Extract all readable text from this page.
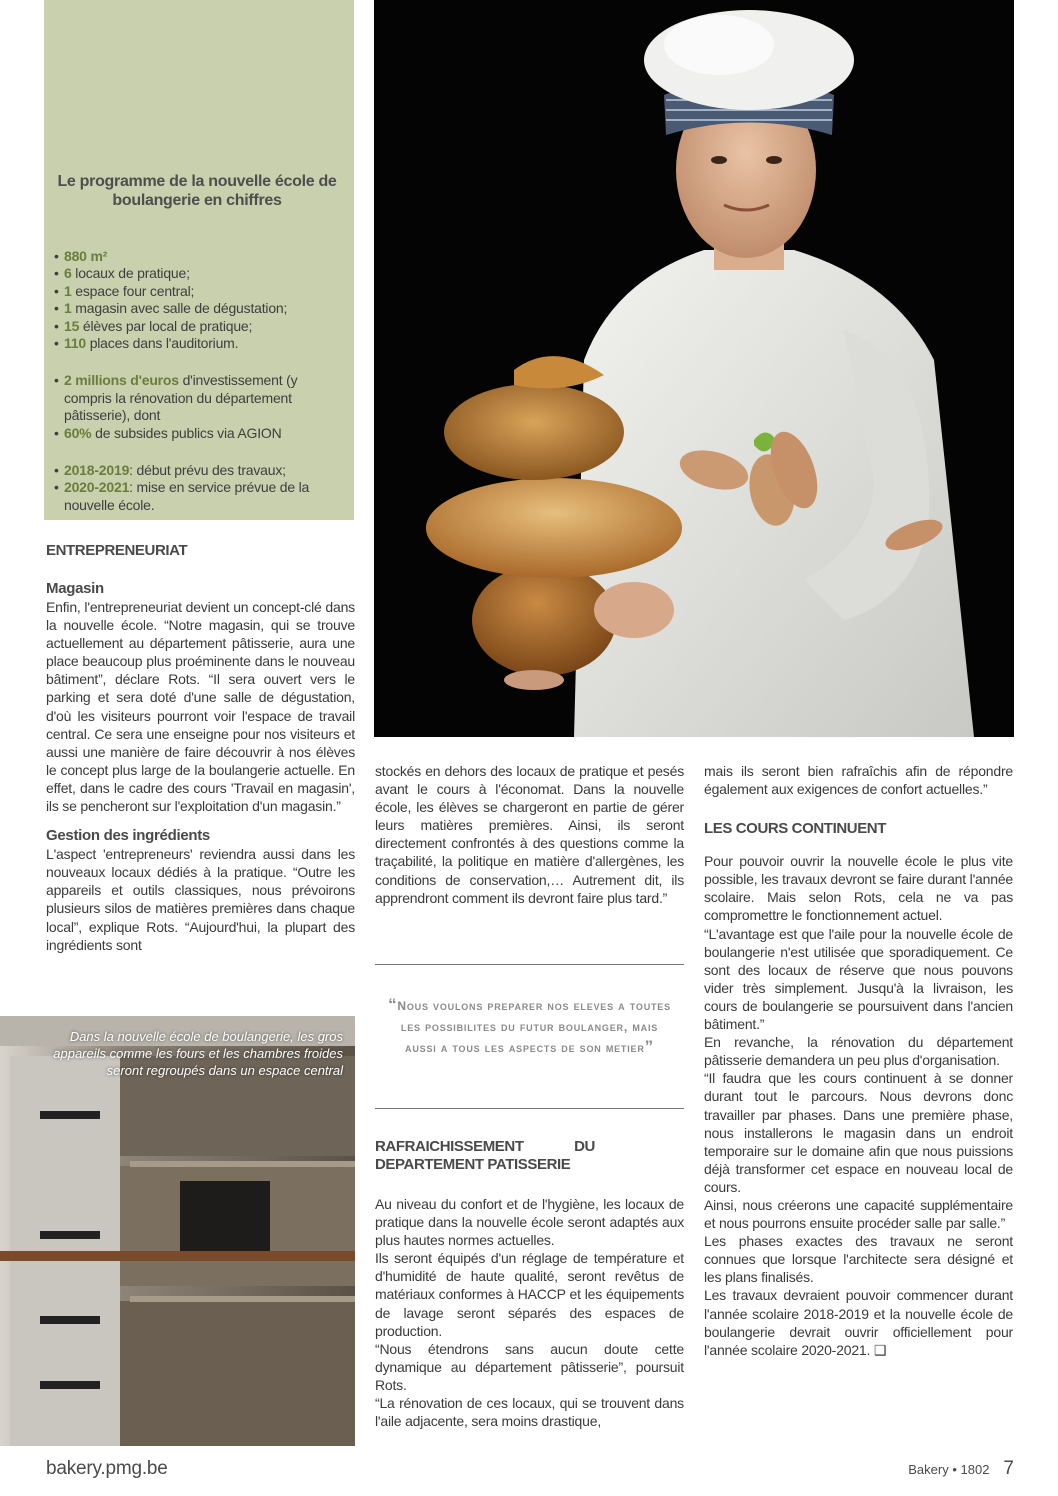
Le programme de la nouvelle école de boulangerie en chiffres
• 880 m²
• 6 locaux de pratique;
• 1 espace four central;
• 1 magasin avec salle de dégustation;
• 15 élèves par local de pratique;
• 110 places dans l'auditorium.
• 2 millions d'euros d'investissement (y compris la rénovation du département pâtisserie), dont
• 60% de subsides publics via AGION
• 2018-2019: début prévu des travaux;
• 2020-2021: mise en service prévue de la nouvelle école.
ENTREPRENEURIAT
Magasin

Enfin, l'entrepreneuriat devient un concept-clé dans la nouvelle école. “Notre magasin, qui se trouve actuellement au département pâtisserie, aura une place beaucoup plus proéminente dans le nouveau bâtiment”, déclare Rots. “Il sera ouvert vers le parking et sera doté d'une salle de dégustation, d'où les visiteurs pourront voir l'espace de travail central. Ce sera une enseigne pour nos visiteurs et aussi une manière de faire découvrir à nos élèves le concept plus large de la boulangerie actuelle. En effet, dans le cadre des cours 'Travail en magasin', ils se pencheront sur l'exploitation d'un magasin.”

Gestion des ingrédients

L'aspect 'entrepreneurs' reviendra aussi dans les nouveaux locaux dédiés à la pratique. “Outre les appareils et outils classiques, nous prévoirons plusieurs silos de matières premières dans chaque local”, explique Rots. “Aujourd'hui, la plupart des ingrédients sont

Dans la nouvelle école de boulangerie, les gros appareils comme les fours et les chambres froides seront regroupés dans un espace central

stockés en dehors des locaux de pratique et pesés avant le cours à l'économat. Dans la nouvelle école, les élèves se chargeront en partie de gérer leurs matières premières. Ainsi, ils seront directement confrontés à des questions comme la traçabilité, la politique en matière d'allergènes, les conditions de conservation,… Autrement dit, ils apprendront comment ils devront faire plus tard.”

“nous voulons preparer nos eleves a toutes les possibilites du futur boulanger, mais aussi a tous les aspects de son metier”
RAFRAICHISSEMENT DU DEPARTEMENT PATISSERIE

Au niveau du confort et de l'hygiène, les locaux de pratique dans la nouvelle école seront adaptés aux plus hautes normes actuelles.

Ils seront équipés d'un réglage de température et d'humidité de haute qualité, seront revêtus de matériaux conformes à HACCP et les équipements de lavage seront séparés des espaces de production.

“Nous étendrons sans aucun doute cette dynamique au département pâtisserie”, poursuit Rots.

“La rénovation de ces locaux, qui se trouvent dans l'aile adjacente, sera moins drastique,

mais ils seront bien rafraîchis afin de répondre également aux exigences de confort actuelles.”

LES COURS CONTINUENT

Pour pouvoir ouvrir la nouvelle école le plus vite possible, les travaux devront se faire durant l'année scolaire. Mais selon Rots, cela ne va pas compromettre le fonctionnement actuel.

“L'avantage est que l'aile pour la nouvelle école de boulangerie n'est utilisée que sporadiquement. Ce sont des locaux de réserve que nous pouvons vider très simplement. Jusqu'à la livraison, les cours de boulangerie se poursuivent dans l'ancien bâtiment.”

En revanche, la rénovation du département pâtisserie demandera un peu plus d'organisation.

“Il faudra que les cours continuent à se donner durant tout le parcours. Nous devrons donc travailler par phases. Dans une première phase, nous installerons le magasin dans un endroit temporaire sur le domaine afin que nous puissions déjà transformer cet espace en nouveau local de cours.

Ainsi, nous créerons une capacité supplémentaire et nous pourrons ensuite procéder salle par salle.”

Les phases exactes des travaux ne seront connues que lorsque l'architecte sera désigné et les plans finalisés.

Les travaux devraient pouvoir commencer durant l'année scolaire 2018-2019 et la nouvelle école de boulangerie devrait ouvrir officiellement pour l'année scolaire 2020-2021. ❑

bakery.pmg.be	Bakery • 1802 7
